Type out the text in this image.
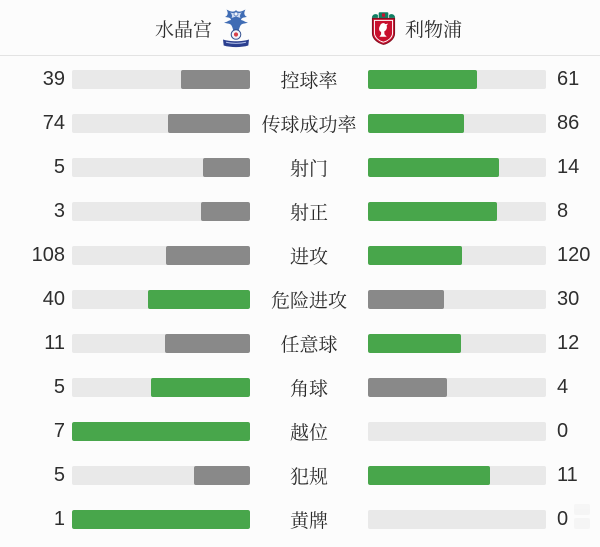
水晶宫	利物浦
39	控球率	61
74	传球成功率	86
5	射门	14
3	射正	8
108	进攻	120
40	危险进攻	30
11	任意球	12
5	角球	4
7	越位	0
5	犯规	11
1	黄牌	0
